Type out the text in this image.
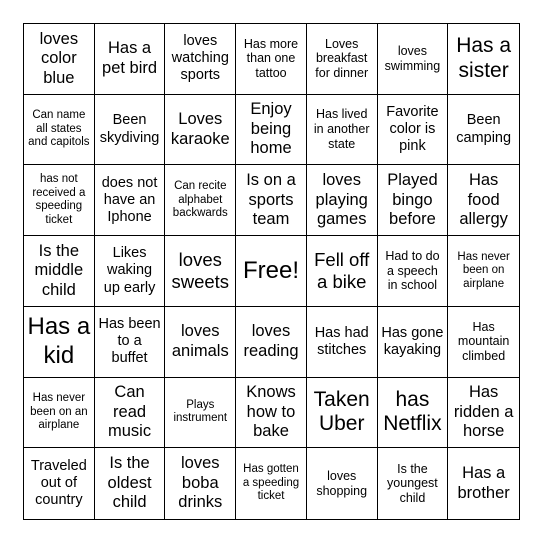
loves color blue
Has a pet bird
loves watching sports
Has more than one tattoo
Loves breakfast for dinner
loves swimming
Has a sister
Can name all states and capitols
Been skydiving
Loves karaoke
Enjoy being home
Has lived in another state
Favorite color is pink
Been camping
has not received a speeding ticket
does not have an Iphone
Can recite alphabet backwards
Is on a sports team
loves playing games
Played bingo before
Has food allergy
Is the middle child
Likes waking up early
loves sweets Free! Fell off a bike
Had to do a speech in school
Has never been on airplane
Has a kid
Has been to a buffet
loves animals
loves reading
Has had stitches
Has gone kayaking
Has mountain climbed
Has never been on an airplane
Can read music
Plays instrument
Knows how to bake
Taken Uber
has Netflix
Has ridden a horse
Traveled out of country
Is the oldest child
loves boba drinks
Has gotten a speeding ticket
loves shopping
Is the youngest child
Has a brother
